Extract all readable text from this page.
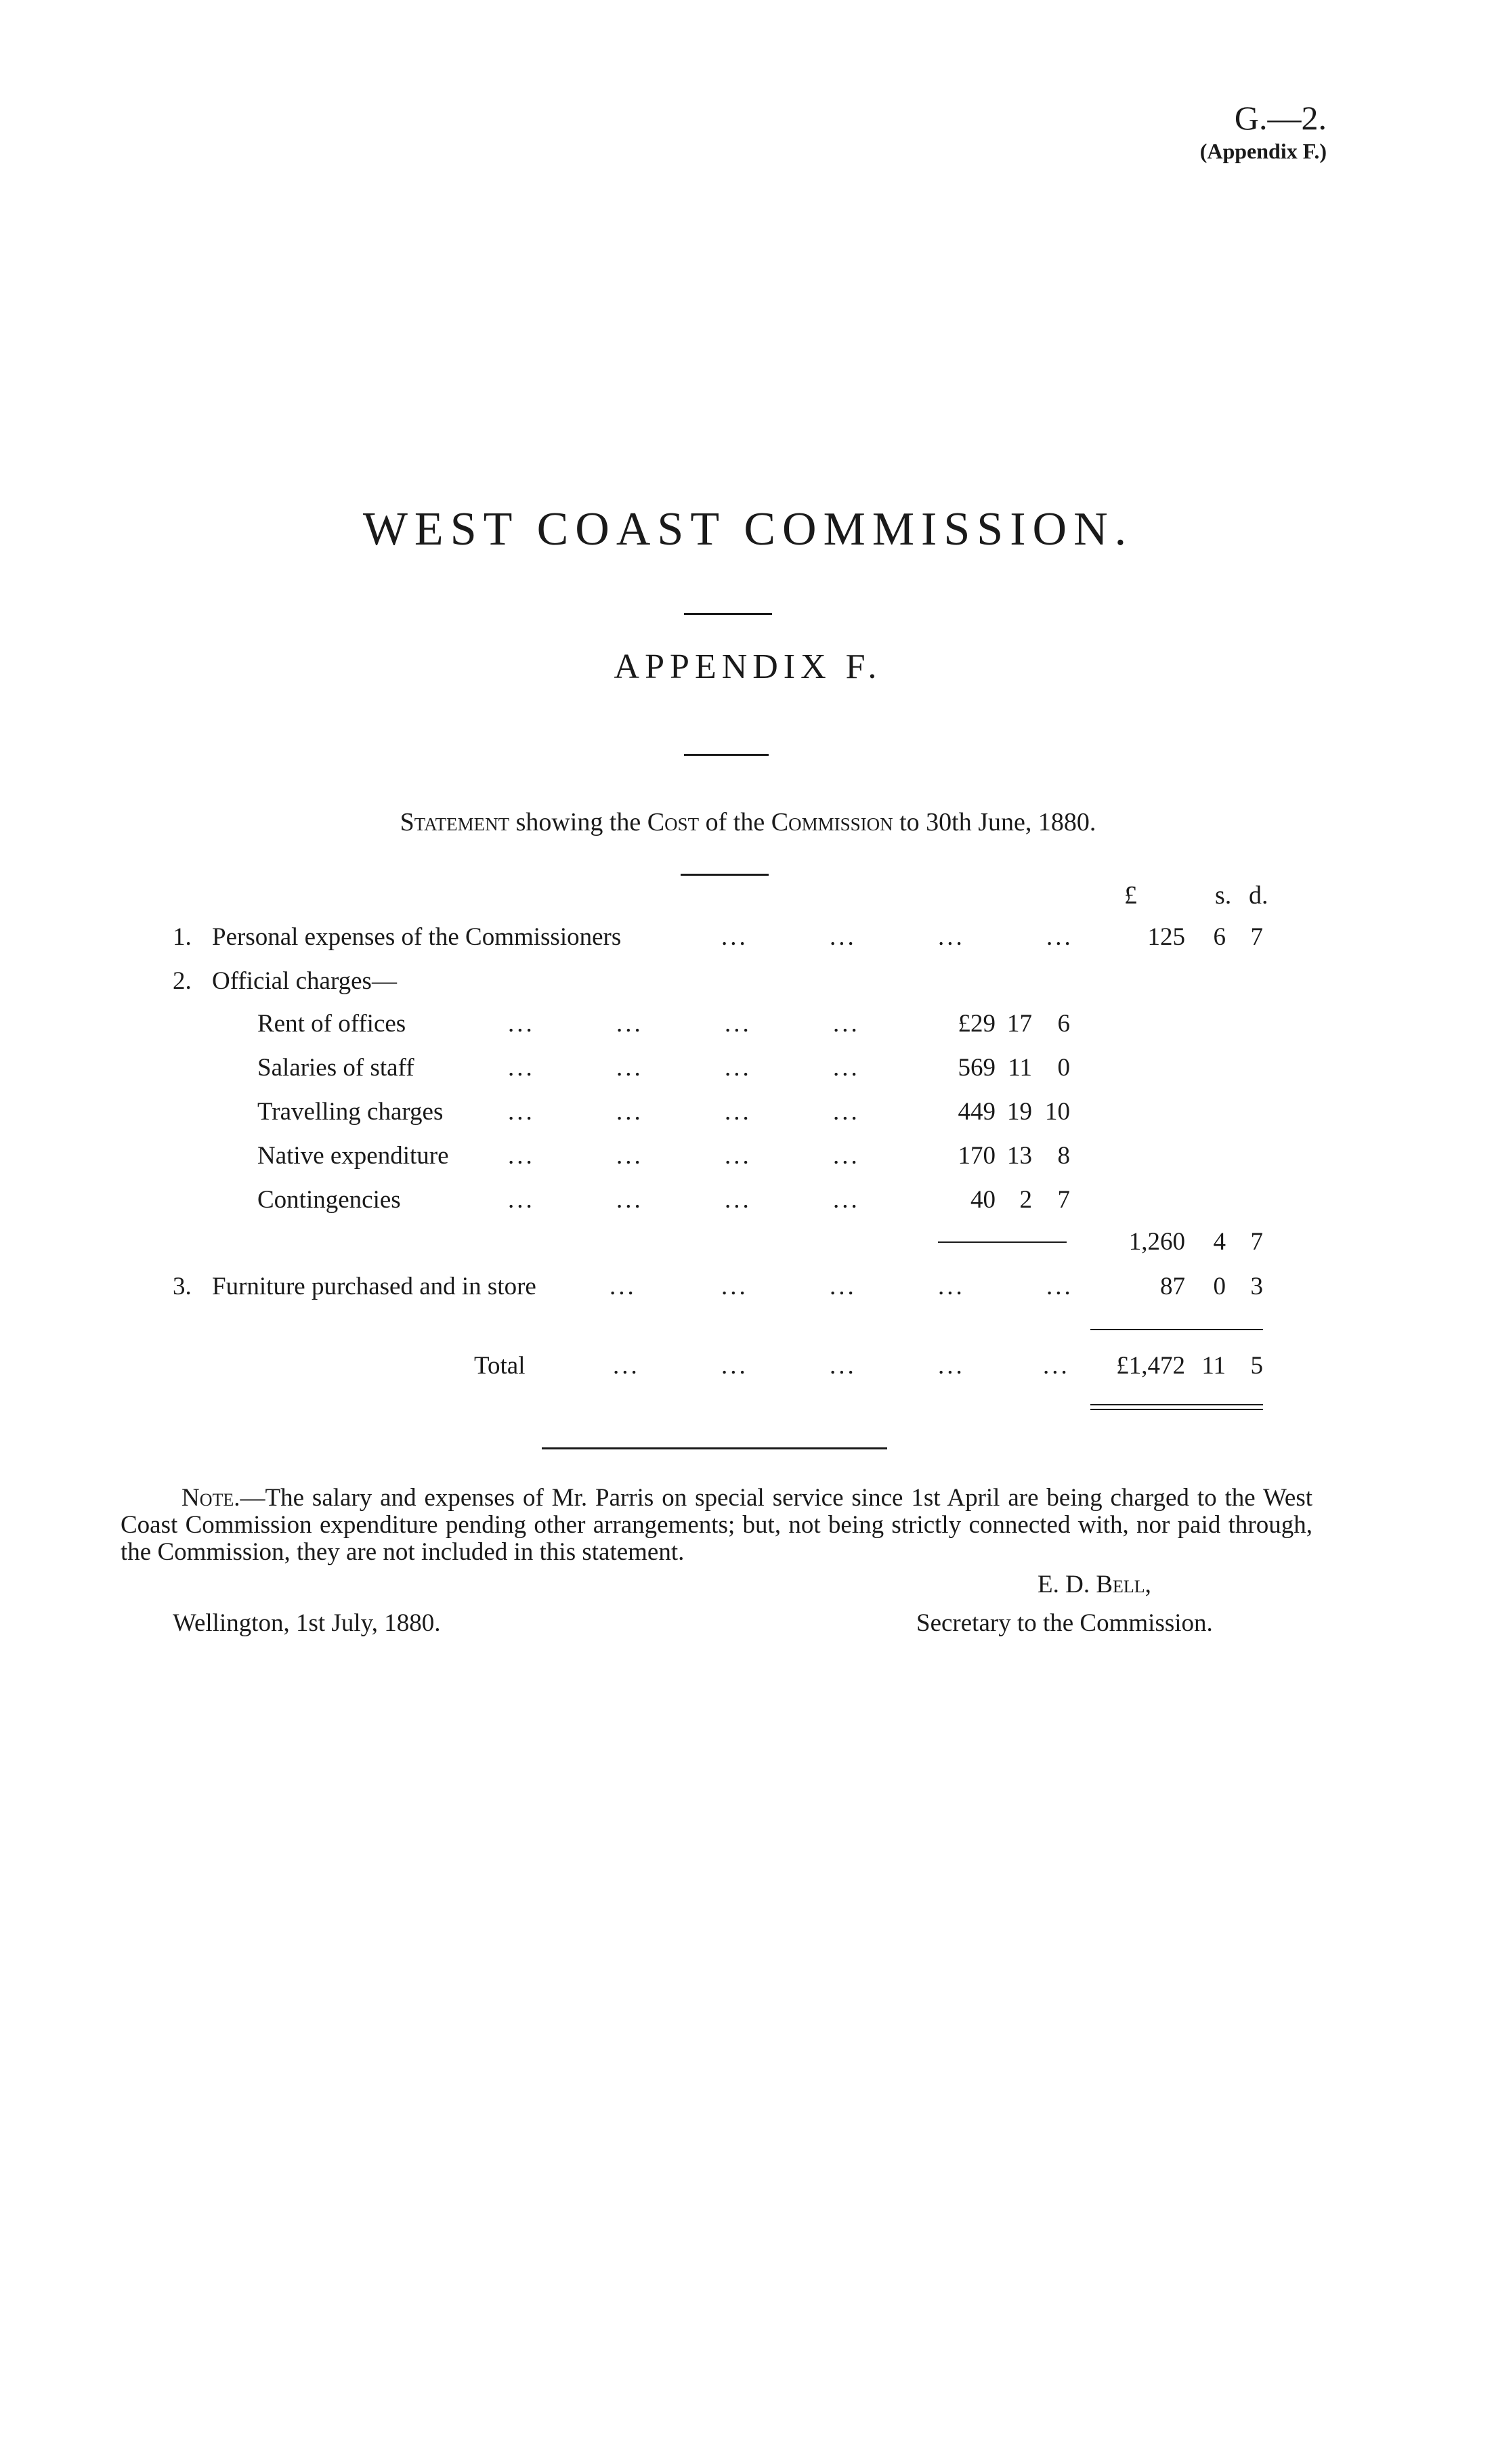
G.—2.
(Appendix F.)
WEST COAST COMMISSION.
APPENDIX F.
Statement showing the Cost of the Commission to 30th June, 1880.
£	s. d.
1. Personal expenses of the Commissioners	...	...	...	...	125	6 7
2. Official charges—
Rent of offices	...	...	...	...	£29 17	6
Salaries of staff	...	...	...	...	569 11	0
Travelling charges	...	...	...	...	449 19 10
Native expenditure ...	...	...	...	170 13	8
Contingencies	...	...	...	...	40 2	7
1,260	4 7
3. Furniture purchased and in store	...	...	...	...	...	87	0 3
Total	...	...	...	...	...	£1,472 11 5

Note.—The salary and expenses of Mr. Parris on special service since 1st April are being charged to the West Coast Commission expenditure pending other arrangements; but, not being strictly connected with, nor paid through, the Commission, they are not included in this statement.

E. D. Bell,
Wellington, 1st July, 1880.	Secretary to the Commission.
